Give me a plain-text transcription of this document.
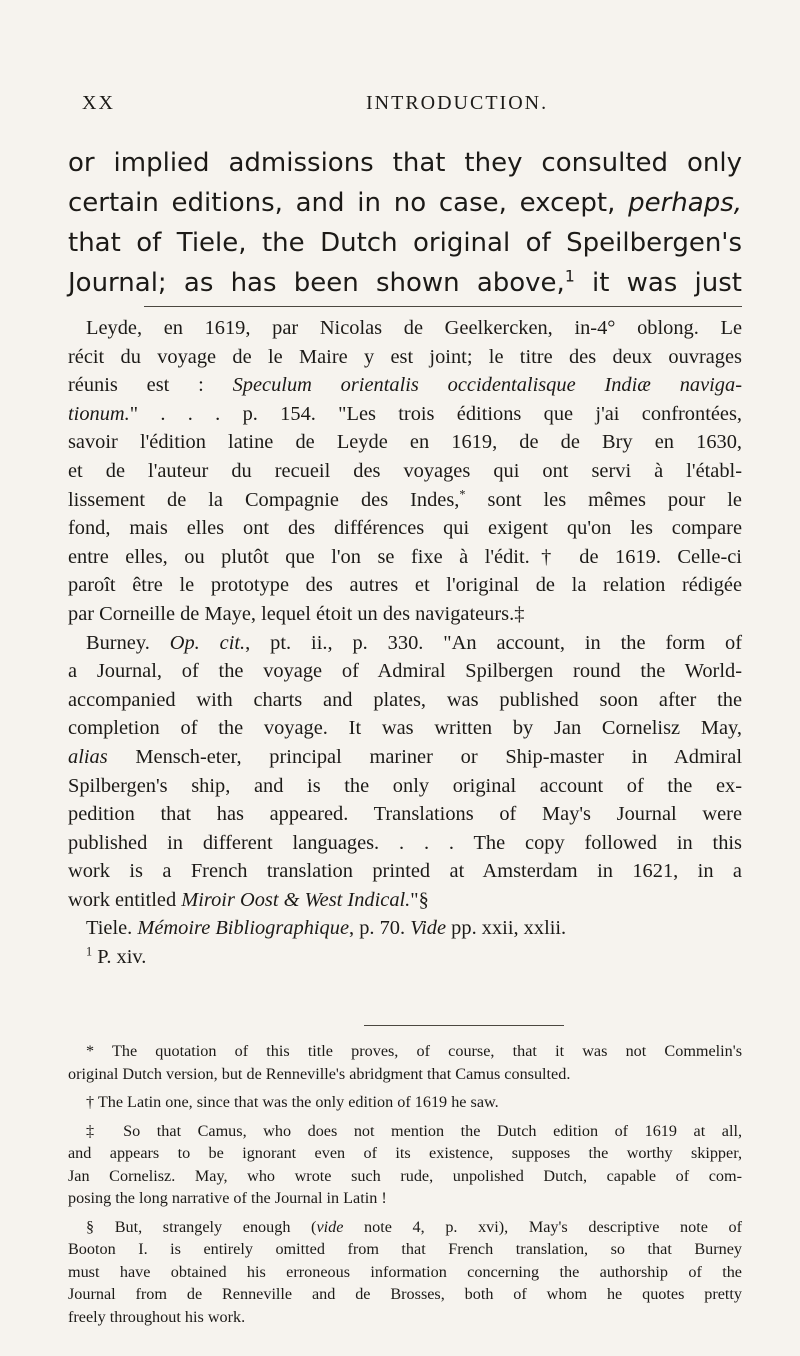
XX	INTRODUCTION.
or implied admissions that they consulted only
certain editions, and in no case, except, perhaps,
that of Tiele, the Dutch original of Speilbergen's
Journal; as has been shown above,$^1$ it was just
Leyde, en 1619, par Nicolas de Geelkercken, in-4° oblong. Le
récit du voyage de le Maire y est joint; le titre des deux ouvrages
réunis est : Speculum orientalis occidentalisque Indiæ naviga-
tionum." . . . p. 154. "Les trois éditions que j'ai confrontées,
savoir l'édition latine de Leyde en 1619, de de Bry en 1630,
et de l'auteur du recueil des voyages qui ont servi à l'établ-
lissement de la Compagnie des Indes,* sont les mêmes pour le
fond, mais elles ont des différences qui exigent qu'on les compare
entre elles, ou plutôt que l'on se fixe à l'édit.† de 1619. Celle-ci
paroît être le prototype des autres et l'original de la relation rédigée
par Corneille de Maye, lequel étoit un des navigateurs.‡
Burney. Op. cit., pt. ii., p. 330. "An account, in the form of
a Journal, of the voyage of Admiral Spilbergen round the World-
accompanied with charts and plates, was published soon after the
completion of the voyage. It was written by Jan Cornelisz May,
alias Mensch-eter, principal mariner or Ship-master in Admiral
Spilbergen's ship, and is the only original account of the ex-
pedition that has appeared. Translations of May's Journal were
published in different languages. . . . The copy followed in this
work is a French translation printed at Amsterdam in 1621, in a
work entitled Miroir Oost & West Indical."§
Tiele. Mémoire Bibliographique, p. 70. Vide pp. xxii, xxlii.
$^1$ P. xiv.
* The quotation of this title proves, of course, that it was not Commelin's
original Dutch version, but de Renneville's abridgment that Camus consulted.
† The Latin one, since that was the only edition of 1619 he saw.
‡ So that Camus, who does not mention the Dutch edition of 1619 at all,
and appears to be ignorant even of its existence, supposes the worthy skipper,
Jan Cornelisz. May, who wrote such rude, unpolished Dutch, capable of com-
posing the long narrative of the Journal in Latin !
§ But, strangely enough (vide note 4, p. xvi), May's descriptive note of
Booton I. is entirely omitted from that French translation, so that Burney
must have obtained his erroneous information concerning the authorship of the
Journal from de Renneville and de Brosses, both of whom he quotes pretty
freely throughout his work.
